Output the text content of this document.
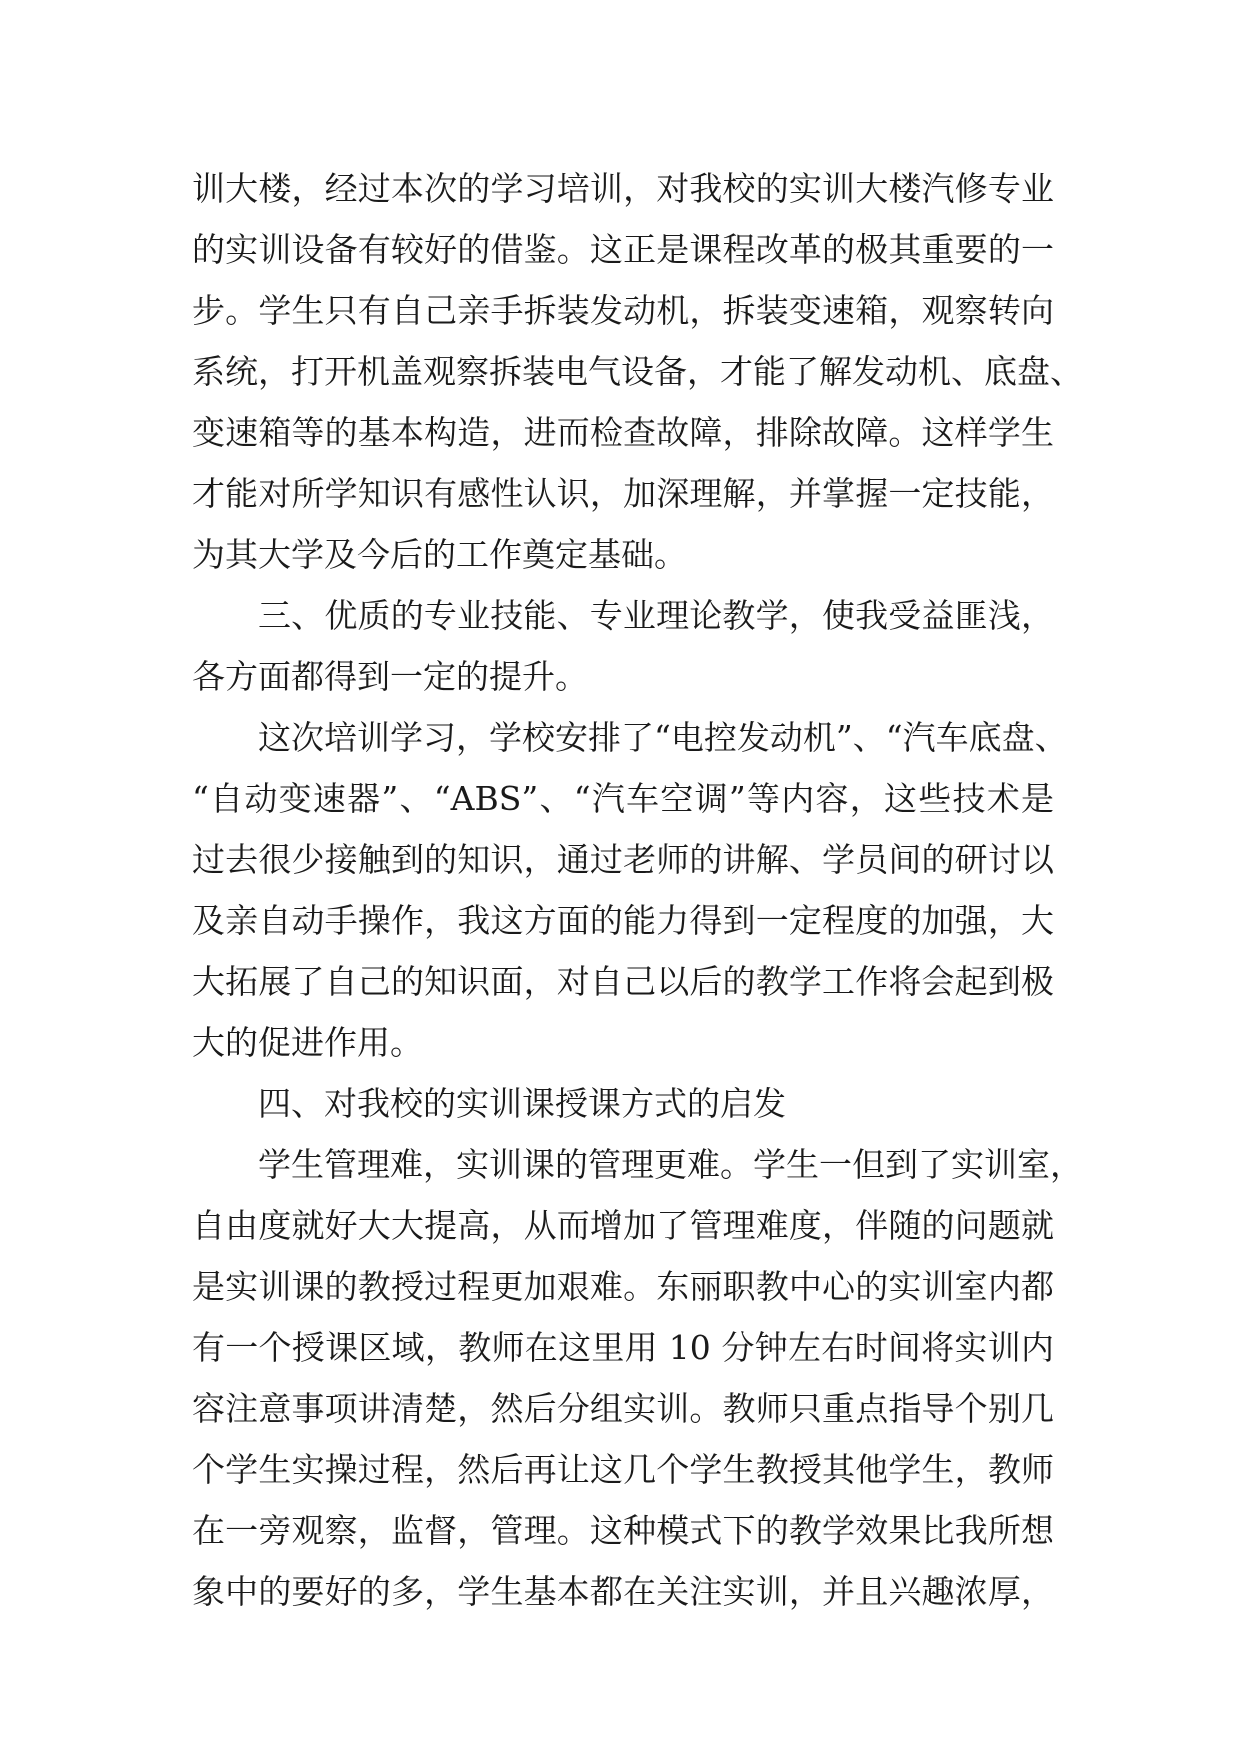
训大楼，经过本次的学习培训，对我校的实训大楼汽修专业
的实训设备有较好的借鉴。这正是课程改革的极其重要的一
步。学生只有自己亲手拆装发动机，拆装变速箱，观察转向
系统，打开机盖观察拆装电气设备，才能了解发动机、底盘、
变速箱等的基本构造，进而检查故障，排除故障。这样学生
才能对所学知识有感性认识，加深理解，并掌握一定技能，
为其大学及今后的工作奠定基础。
三、优质的专业技能、专业理论教学，使我受益匪浅，
各方面都得到一定的提升。
这次培训学习，学校安排了“电控发动机”、“汽车底盘、
“自动变速器”、“ABS”、“汽车空调”等内容，这些技术是
过去很少接触到的知识，通过老师的讲解、学员间的研讨以
及亲自动手操作，我这方面的能力得到一定程度的加强，大
大拓展了自己的知识面，对自己以后的教学工作将会起到极
大的促进作用。
四、对我校的实训课授课方式的启发
学生管理难，实训课的管理更难。学生一但到了实训室，
自由度就好大大提高，从而增加了管理难度，伴随的问题就
是实训课的教授过程更加艰难。东丽职教中心的实训室内都
有一个授课区域，教师在这里用 10 分钟左右时间将实训内
容注意事项讲清楚，然后分组实训。教师只重点指导个别几
个学生实操过程，然后再让这几个学生教授其他学生，教师
在一旁观察，监督，管理。这种模式下的教学效果比我所想
象中的要好的多，学生基本都在关注实训，并且兴趣浓厚，
